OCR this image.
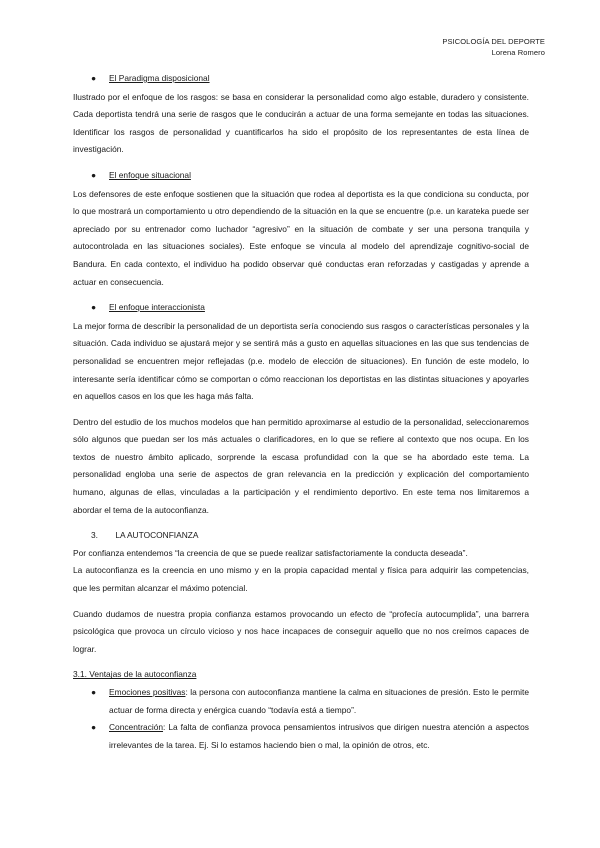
PSICOLOGÍA DEL DEPORTE
Lorena Romero
● El Paradigma disposicional

Ilustrado por el enfoque de los rasgos: se basa en considerar la personalidad como algo estable, duradero y consistente. Cada deportista tendrá una serie de rasgos que le conducirán a actuar de una forma semejante en todas las situaciones. Identificar los rasgos de personalidad y cuantificarlos ha sido el propósito de los representantes de esta línea de investigación.

● El enfoque situacional

Los defensores de este enfoque sostienen que la situación que rodea al deportista es la que condiciona su conducta, por lo que mostrará un comportamiento u otro dependiendo de la situación en la que se encuentre (p.e. un karateka puede ser apreciado por su entrenador como luchador “agresivo” en la situación de combate y ser una persona tranquila y autocontrolada en las situaciones sociales). Este enfoque se vincula al modelo del aprendizaje cognitivo-social de Bandura. En cada contexto, el individuo ha podido observar qué conductas eran reforzadas y castigadas y aprende a actuar en consecuencia.

● El enfoque interaccionista

La mejor forma de describir la personalidad de un deportista sería conociendo sus rasgos o características personales y la situación. Cada individuo se ajustará mejor y se sentirá más a gusto en aquellas situaciones en las que sus tendencias de personalidad se encuentren mejor reflejadas (p.e. modelo de elección de situaciones). En función de este modelo, lo interesante sería identificar cómo se comportan o cómo reaccionan los deportistas en las distintas situaciones y apoyarles en aquellos casos en los que les haga más falta.

Dentro del estudio de los muchos modelos que han permitido aproximarse al estudio de la personalidad, seleccionaremos sólo algunos que puedan ser los más actuales o clarificadores, en lo que se refiere al contexto que nos ocupa. En los textos de nuestro ámbito aplicado, sorprende la escasa profundidad con la que se ha abordado este tema. La personalidad engloba una serie de aspectos de gran relevancia en la predicción y explicación del comportamiento humano, algunas de ellas, vinculadas a la participación y el rendimiento deportivo. En este tema nos limitaremos a abordar el tema de la autoconfianza.

3. LA AUTOCONFIANZA

Por confianza entendemos “la creencia de que se puede realizar satisfactoriamente la conducta deseada”.

La autoconfianza es la creencia en uno mismo y en la propia capacidad mental y física para adquirir las competencias, que les permitan alcanzar el máximo potencial.

Cuando dudamos de nuestra propia confianza estamos provocando un efecto de “profecía autocumplida”, una barrera psicológica que provoca un círculo vicioso y nos hace incapaces de conseguir aquello que no nos creímos capaces de lograr.

3.1. Ventajas de la autoconfianza
● Emociones positivas: la persona con autoconfianza mantiene la calma en situaciones de presión. Esto le permite actuar de forma directa y enérgica cuando “todavía está a tiempo”.
● Concentración: La falta de confianza provoca pensamientos intrusivos que dirigen nuestra atención a aspectos irrelevantes de la tarea. Ej. Si lo estamos haciendo bien o mal, la opinión de otros, etc.
